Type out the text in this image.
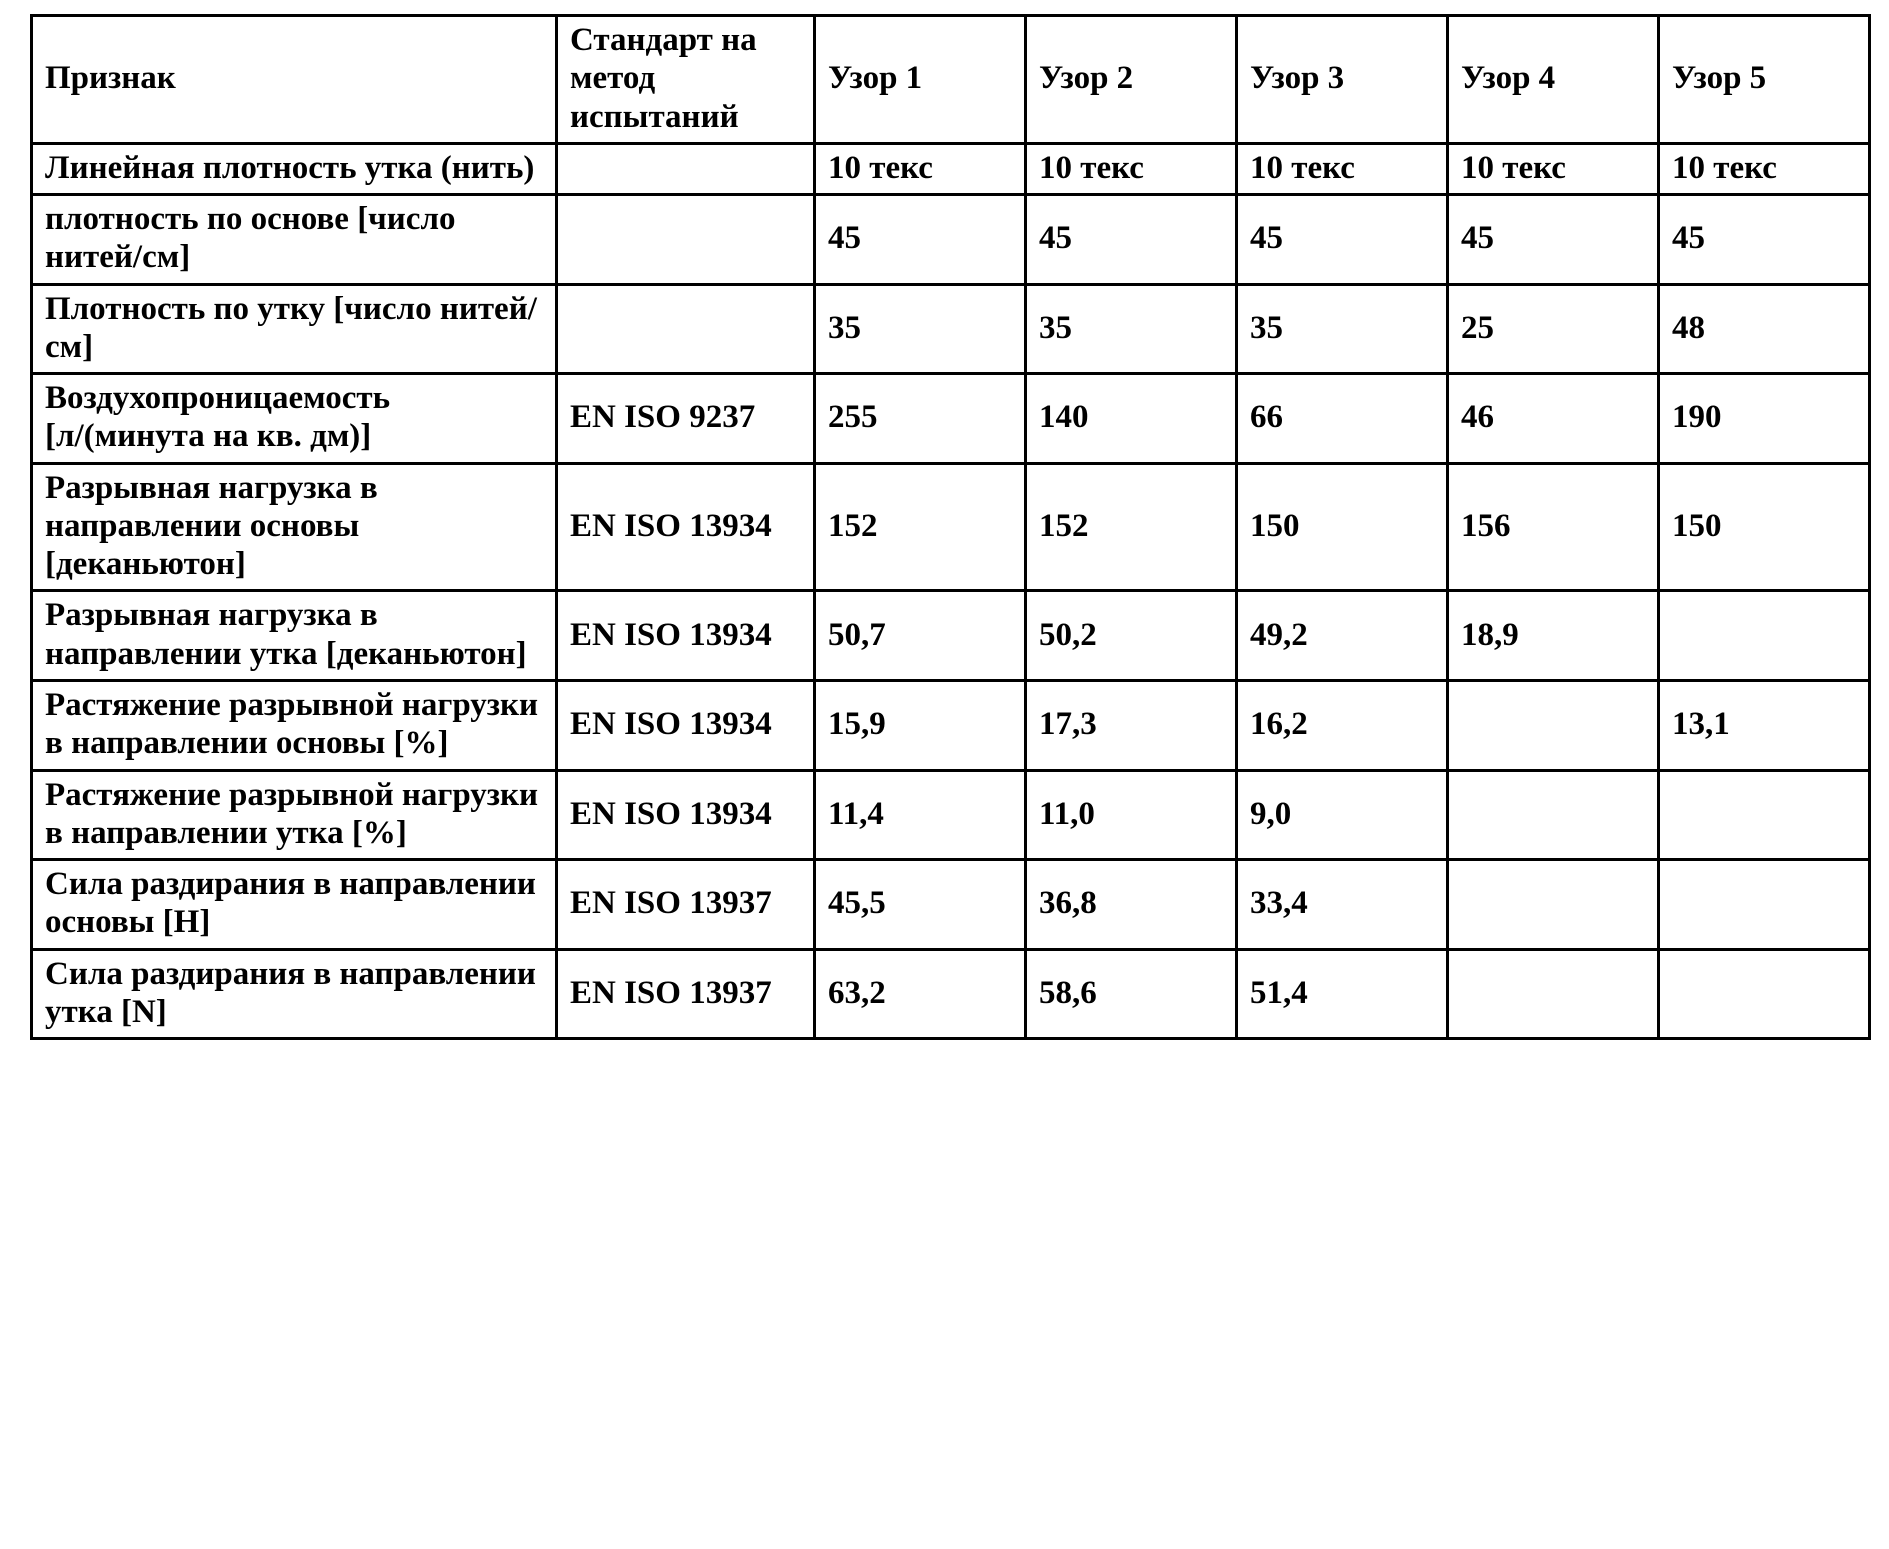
Признак	Стандарт на метод испытаний	Узор 1	Узор 2	Узор 3	Узор 4	Узор 5
Линейная плотность утка (нить)		10 текс	10 текс	10 текс	10 текс	10 текс
плотность по основе [число нитей/см]		45	45	45	45	45
Плотность по утку [число нитей/см]		35	35	35	25	48
Воздухопроницаемость [л/(минута на кв. дм)]	EN ISO 9237	255	140	66	46	190
Разрывная нагрузка в направлении основы [деканьютон]	EN ISO 13934	152	152	150	156	150
Разрывная нагрузка в направлении утка [деканьютон]	EN ISO 13934	50,7	50,2	49,2	18,9	
Растяжение разрывной нагрузки в направлении основы [%]	EN ISO 13934	15,9	17,3	16,2		13,1
Растяжение разрывной нагрузки в направлении утка [%]	EN ISO 13934	11,4	11,0	9,0		
Сила раздирания в направлении основы [Н]	EN ISO 13937	45,5	36,8	33,4		
Сила раздирания в направлении утка [N]	EN ISO 13937	63,2	58,6	51,4		
